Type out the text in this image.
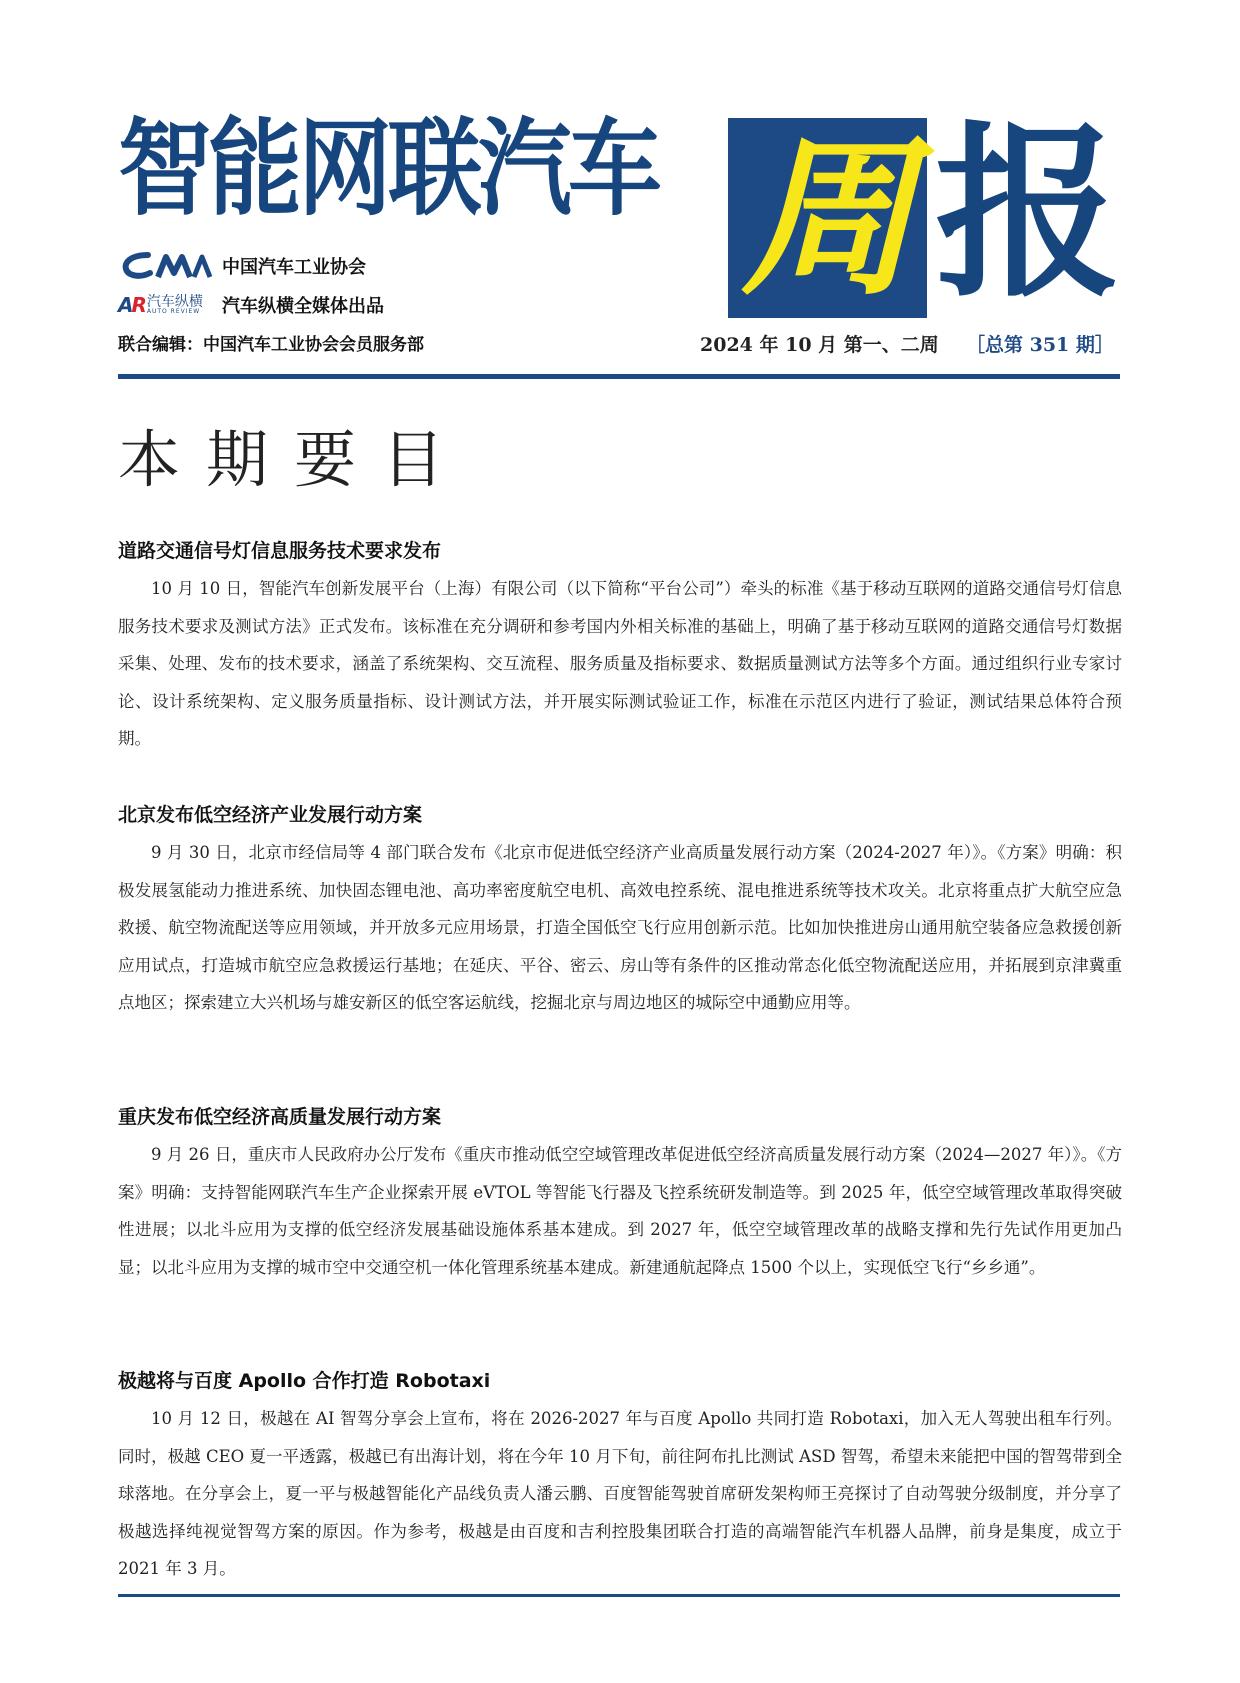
智能网联汽车 周 报
中国汽车工业协会
AR 汽车纵横
AUTO REVIEW 汽车纵横全媒体出品
联合编辑：中国汽车工业协会会员服务部	2024 年 10 月 第一、二周 ［总第 351 期］
本期要目
道路交通信号灯信息服务技术要求发布

10 月 10 日，智能汽车创新发展平台（上海）有限公司（以下简称“平台公司”）牵头的标准《基于移动互联网的道路交通信号灯信息服务技术要求及测试方法》正式发布。该标准在充分调研和参考国内外相关标准的基础上，明确了基于移动互联网的道路交通信号灯数据采集、处理、发布的技术要求，涵盖了系统架构、交互流程、服务质量及指标要求、数据质量测试方法等多个方面。通过组织行业专家讨论、设计系统架构、定义服务质量指标、设计测试方法，并开展实际测试验证工作，标准在示范区内进行了验证，测试结果总体符合预期。

北京发布低空经济产业发展行动方案

9 月 30 日，北京市经信局等 4 部门联合发布《北京市促进低空经济产业高质量发展行动方案（2024-2027 年）》。《方案》明确：积极发展氢能动力推进系统、加快固态锂电池、高功率密度航空电机、高效电控系统、混电推进系统等技术攻关。北京将重点扩大航空应急救援、航空物流配送等应用领域，并开放多元应用场景，打造全国低空飞行应用创新示范。比如加快推进房山通用航空装备应急救援创新应用试点，打造城市航空应急救援运行基地；在延庆、平谷、密云、房山等有条件的区推动常态化低空物流配送应用，并拓展到京津冀重点地区；探索建立大兴机场与雄安新区的低空客运航线，挖掘北京与周边地区的城际空中通勤应用等。

重庆发布低空经济高质量发展行动方案

9 月 26 日，重庆市人民政府办公厅发布《重庆市推动低空空域管理改革促进低空经济高质量发展行动方案（2024—2027 年）》。《方案》明确：支持智能网联汽车生产企业探索开展 eVTOL 等智能飞行器及飞控系统研发制造等。到 2025 年，低空空域管理改革取得突破性进展；以北斗应用为支撑的低空经济发展基础设施体系基本建成。到 2027 年，低空空域管理改革的战略支撑和先行先试作用更加凸显；以北斗应用为支撑的城市空中交通空机一体化管理系统基本建成。新建通航起降点 1500 个以上，实现低空飞行“乡乡通”。

极越将与百度 Apollo 合作打造 Robotaxi

10 月 12 日，极越在 AI 智驾分享会上宣布，将在 2026-2027 年与百度 Apollo 共同打造 Robotaxi，加入无人驾驶出租车行列。同时，极越 CEO 夏一平透露，极越已有出海计划，将在今年 10 月下旬，前往阿布扎比测试 ASD 智驾，希望未来能把中国的智驾带到全球落地。在分享会上，夏一平与极越智能化产品线负责人潘云鹏、百度智能驾驶首席研发架构师王亮探讨了自动驾驶分级制度，并分享了极越选择纯视觉智驾方案的原因。作为参考，极越是由百度和吉利控股集团联合打造的高端智能汽车机器人品牌，前身是集度，成立于 2021 年 3 月。
